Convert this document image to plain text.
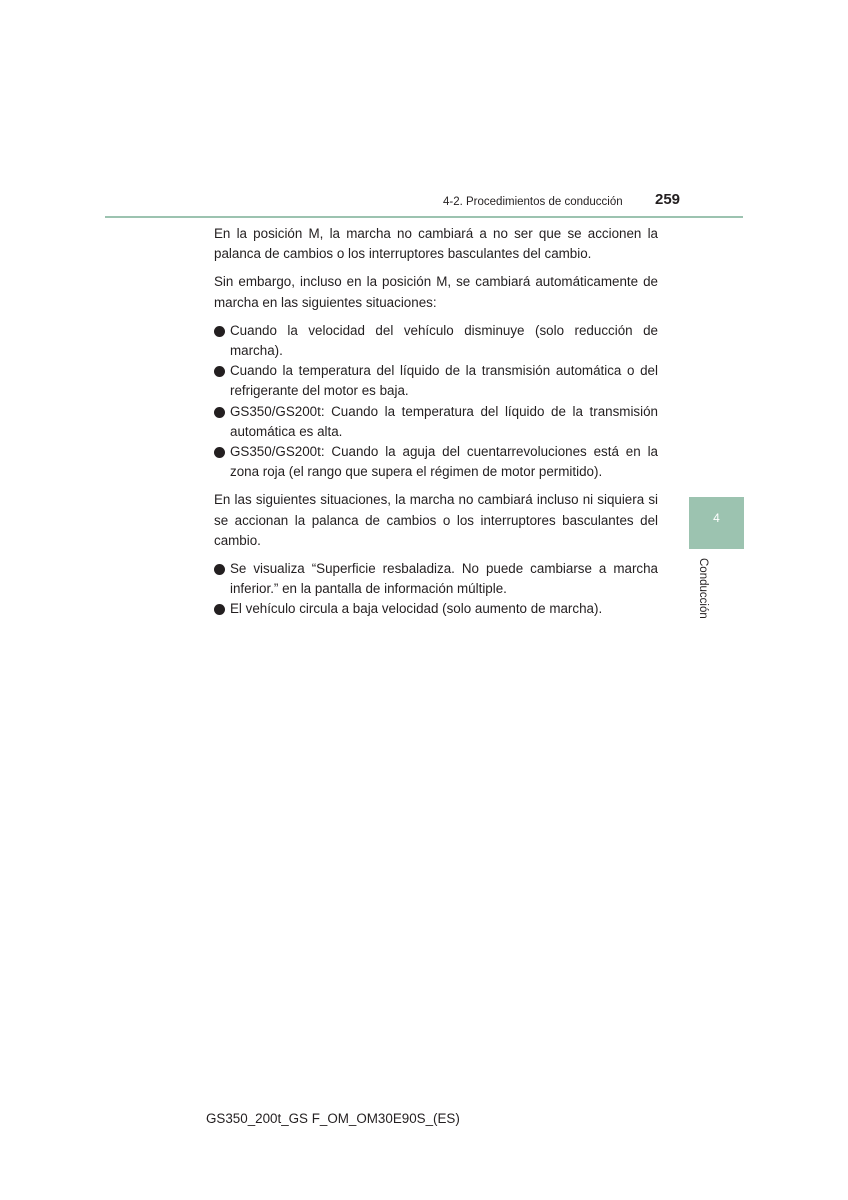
4-2. Procedimientos de conducción 259

En la posición M, la marcha no cambiará a no ser que se accionen la palanca de cambios o los interruptores basculantes del cambio.

Sin embargo, incluso en la posición M, se cambiará automáticamente de marcha en las siguientes situaciones:

Cuando la velocidad del vehículo disminuye (solo reducción de marcha).
Cuando la temperatura del líquido de la transmisión automática o del refrigerante del motor es baja.
GS350/GS200t: Cuando la temperatura del líquido de la transmisión automática es alta.
GS350/GS200t: Cuando la aguja del cuentarrevoluciones está en la zona roja (el rango que supera el régimen de motor permitido).

En las siguientes situaciones, la marcha no cambiará incluso ni siquiera si se accionan la palanca de cambios o los interruptores basculantes del cambio.

Se visualiza “Superficie resbaladiza. No puede cambiarse a marcha inferior.” en la pantalla de información múltiple.
El vehículo circula a baja velocidad (solo aumento de marcha).
4
Conducción
GS350_200t_GS F_OM_OM30E90S_(ES)
